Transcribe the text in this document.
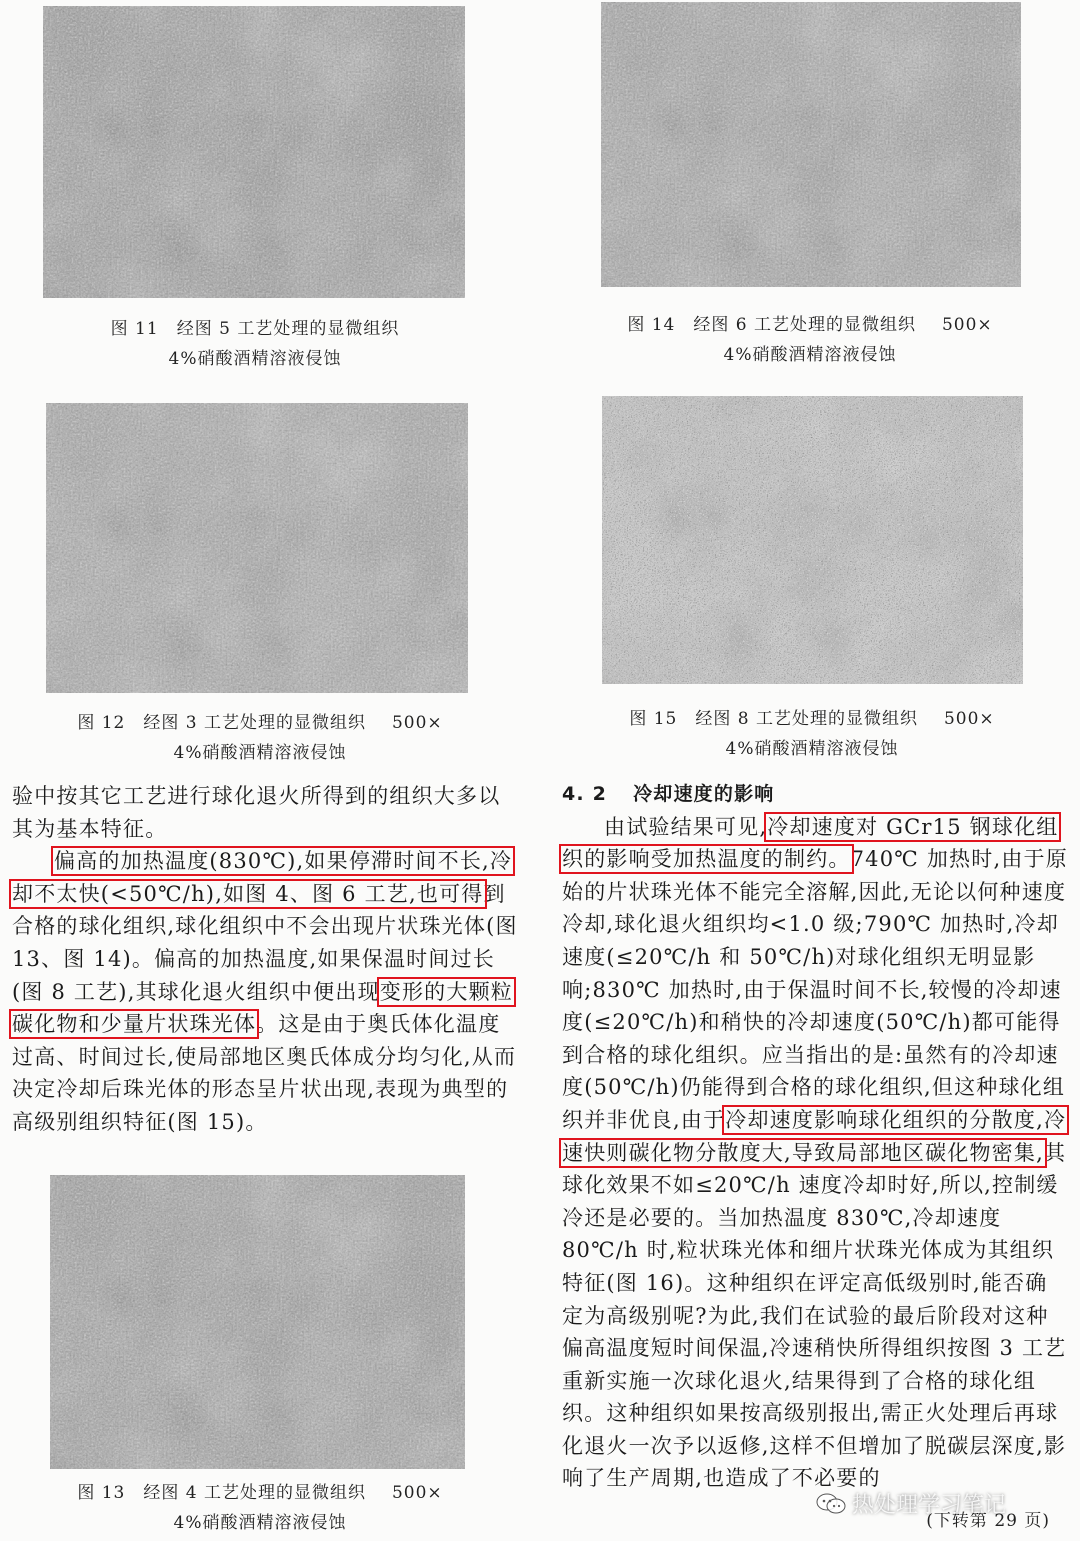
图 11 经图 5 工艺处理的显微组织
4%硝酸酒精溶液侵蚀
图 14 经图 6 工艺处理的显微组织 500×
4%硝酸酒精溶液侵蚀
图 12 经图 3 工艺处理的显微组织 500×
4%硝酸酒精溶液侵蚀
图 15 经图 8 工艺处理的显微组织 500×
4%硝酸酒精溶液侵蚀

验中按其它工艺进行球化退火所得到的组织大多以其为基本特征。

偏高的加热温度(830℃),如果停滞时间不长,冷却不太快(<50℃/h),如图 4、图 6 工艺,也可得到合格的球化组织,球化组织中不会出现片状珠光体(图 13、图 14)。偏高的加热温度,如果保温时间过长(图 8 工艺),其球化退火组织中便出现变形的大颗粒碳化物和少量片状珠光体。这是由于奥氏体化温度过高、时间过长,使局部地区奥氏体成分均匀化,从而决定冷却后珠光体的形态呈片状出现,表现为典型的高级别组织特征(图 15)。

图 13 经图 4 工艺处理的显微组织 500×
4%硝酸酒精溶液侵蚀

4. 2 冷却速度的影响

由试验结果可见,冷却速度对 GCr15 钢球化组织的影响受加热温度的制约。740℃ 加热时,由于原始的片状珠光体不能完全溶解,因此,无论以何种速度冷却,球化退火组织均<1.0 级;790℃ 加热时,冷却速度(≤20℃/h 和 50℃/h)对球化组织无明显影响;830℃ 加热时,由于保温时间不长,较慢的冷却速度(≤20℃/h)和稍快的冷却速度(50℃/h)都可能得到合格的球化组织。应当指出的是:虽然有的冷却速度(50℃/h)仍能得到合格的球化组织,但这种球化组织并非优良,由于冷却速度影响球化组织的分散度,冷速快则碳化物分散度大,导致局部地区碳化物密集,其球化效果不如≤20℃/h 速度冷却时好,所以,控制缓冷还是必要的。当加热温度 830℃,冷却速度 80℃/h 时,粒状珠光体和细片状珠光体成为其组织特征(图 16)。这种组织在评定高低级别时,能否确定为高级别呢?为此,我们在试验的最后阶段对这种偏高温度短时间保温,冷速稍快所得组织按图 3 工艺重新实施一次球化退火,结果得到了合格的球化组织。这种组织如果按高级别报出,需正火处理后再球化退火一次予以返修,这样不但增加了脱碳层深度,影响了生产周期,也造成了不必要的

(下转第 29 页)
热处理学习笔记
